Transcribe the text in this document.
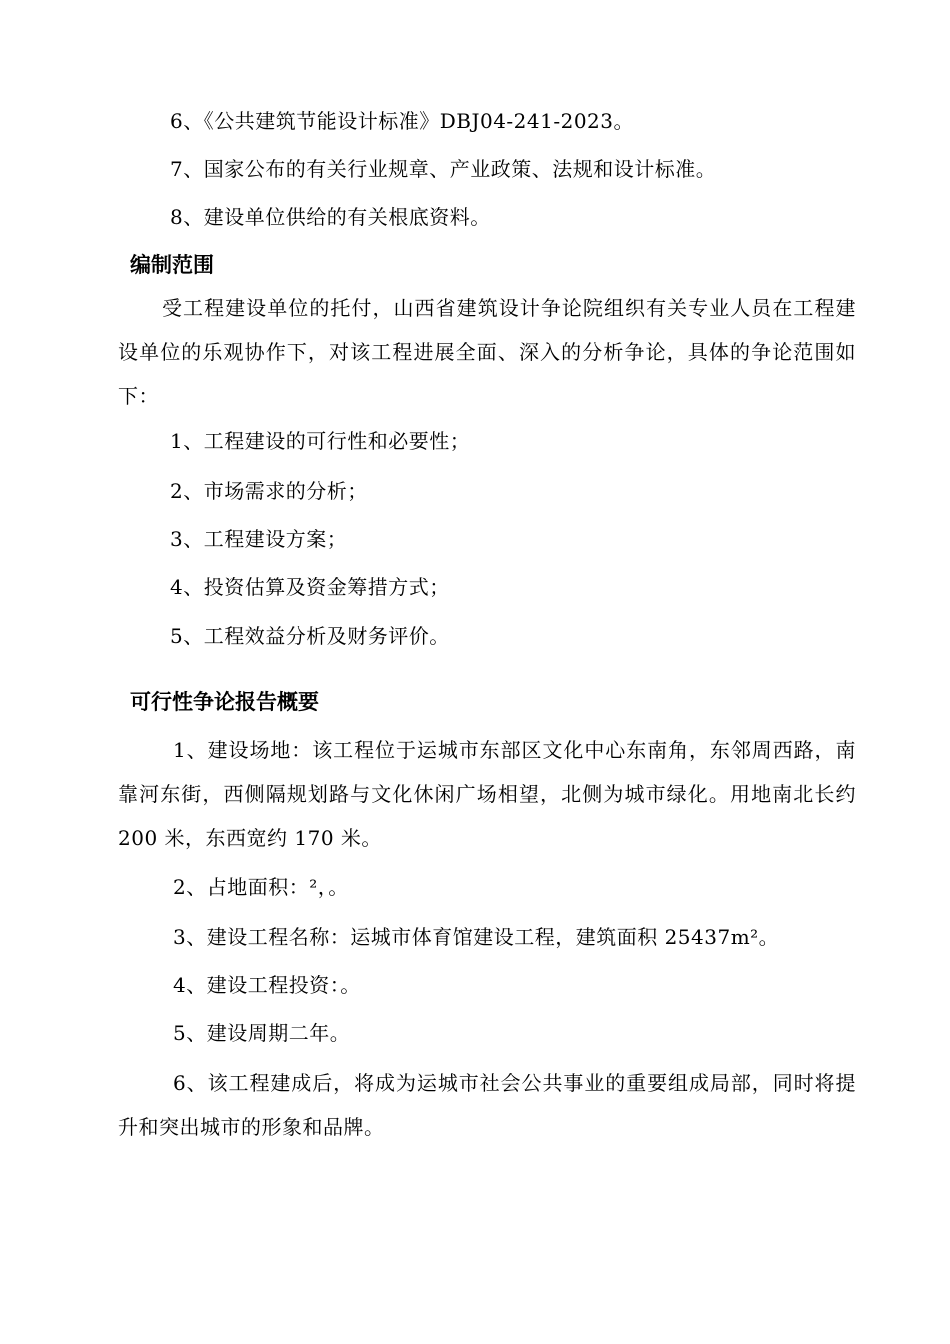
6、《公共建筑节能设计标准》DBJ04-241-2023。
7、国家公布的有关行业规章、产业政策、法规和设计标准。
8、建设单位供给的有关根底资料。
编制范围
受工程建设单位的托付，山西省建筑设计争论院组织有关专业人员在工程建设单位的乐观协作下，对该工程进展全面、深入的分析争论，具体的争论范围如下：
1、工程建设的可行性和必要性；
2、市场需求的分析；
3、工程建设方案；
4、投资估算及资金筹措方式；
5、工程效益分析及财务评价。
可行性争论报告概要
1、建设场地：该工程位于运城市东部区文化中心东南角，东邻周西路，南靠河东街，西侧隔规划路与文化休闲广场相望，北侧为城市绿化。用地南北长约 200 米，东西宽约 170 米。
2、占地面积：²，。
3、建设工程名称：运城市体育馆建设工程，建筑面积 25437m²。
4、建设工程投资：。
5、建设周期二年。
6、该工程建成后，将成为运城市社会公共事业的重要组成局部，同时将提升和突出城市的形象和品牌。
